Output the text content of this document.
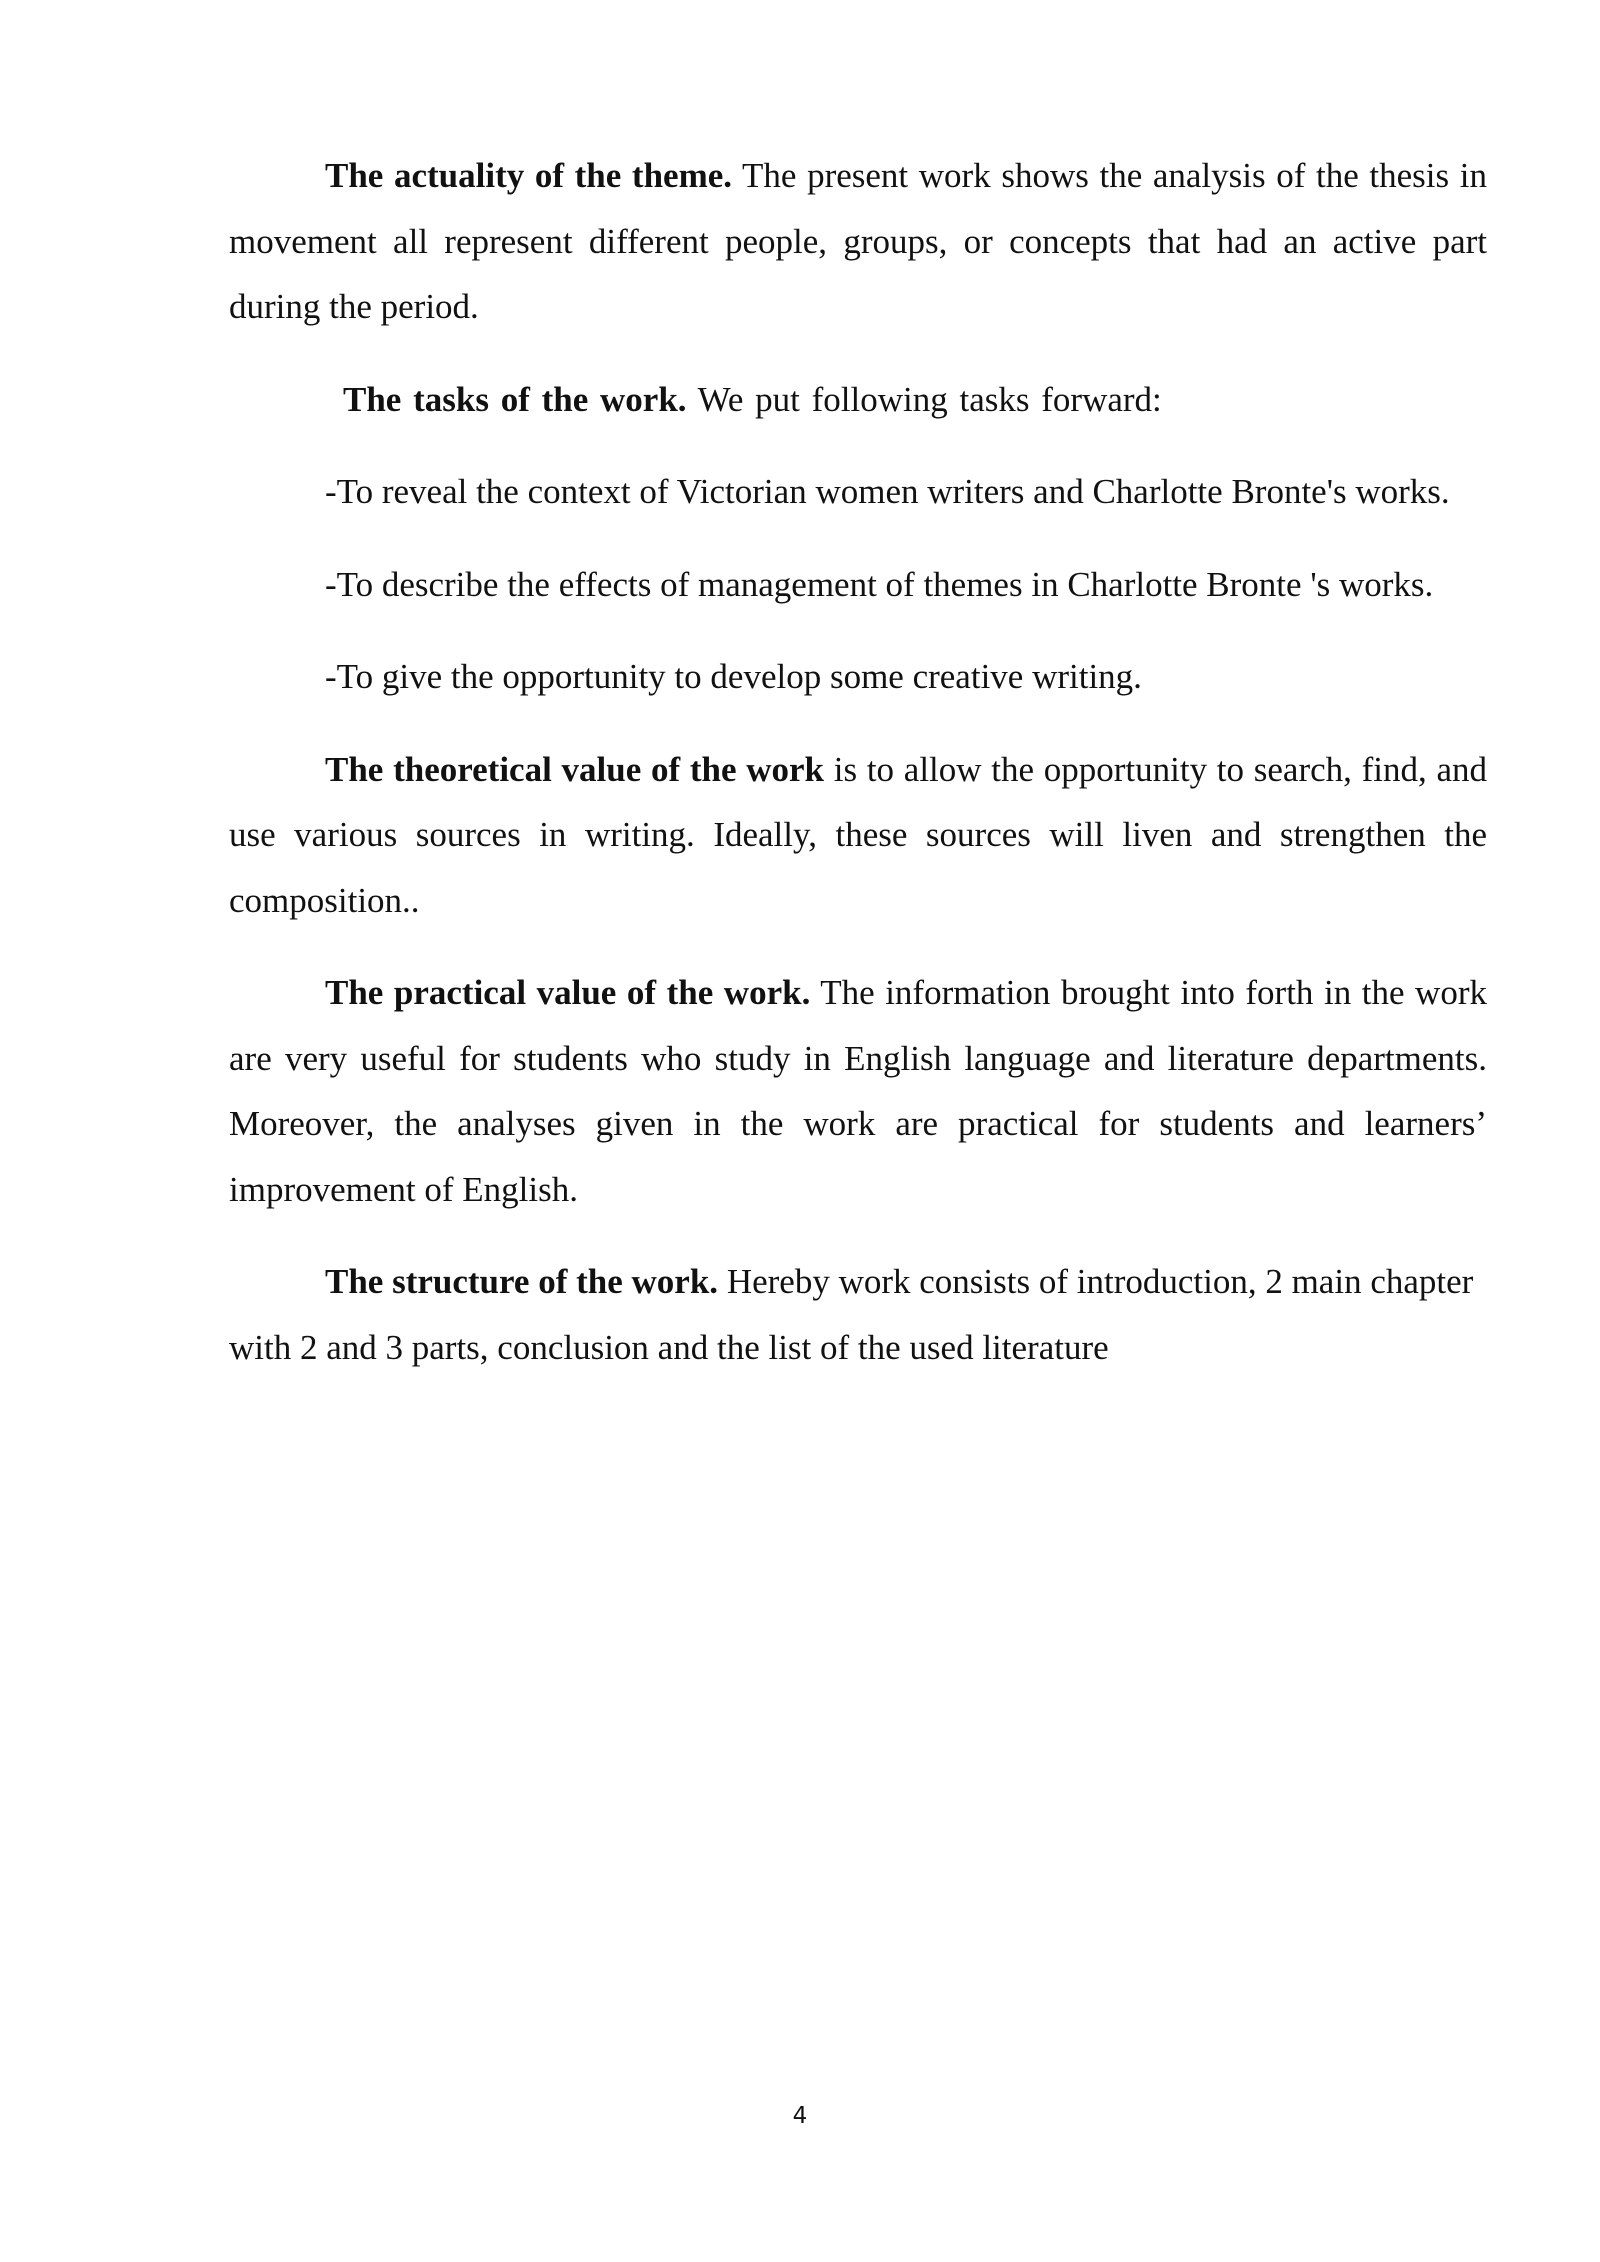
The actuality of the theme. The present work shows the analysis of the thesis in movement all represent different people, groups, or concepts that had an active part during the period.

The tasks of the work. We put following tasks forward:

-To reveal the context of Victorian women writers and Charlotte Bronte's works.

-To describe the effects of management of themes in Charlotte Bronte 's works.

-To give the opportunity to develop some creative writing.

The theoretical value of the work is to allow the opportunity to search, find, and use various sources in writing. Ideally, these sources will liven and strengthen the composition..

The practical value of the work. The information brought into forth in the work are very useful for students who study in English language and literature departments. Moreover, the analyses given in the work are practical for students and learners’ improvement of English.

The structure of the work. Hereby work consists of introduction, 2 main chapter with 2 and 3 parts, conclusion and the list of the used literature

4
